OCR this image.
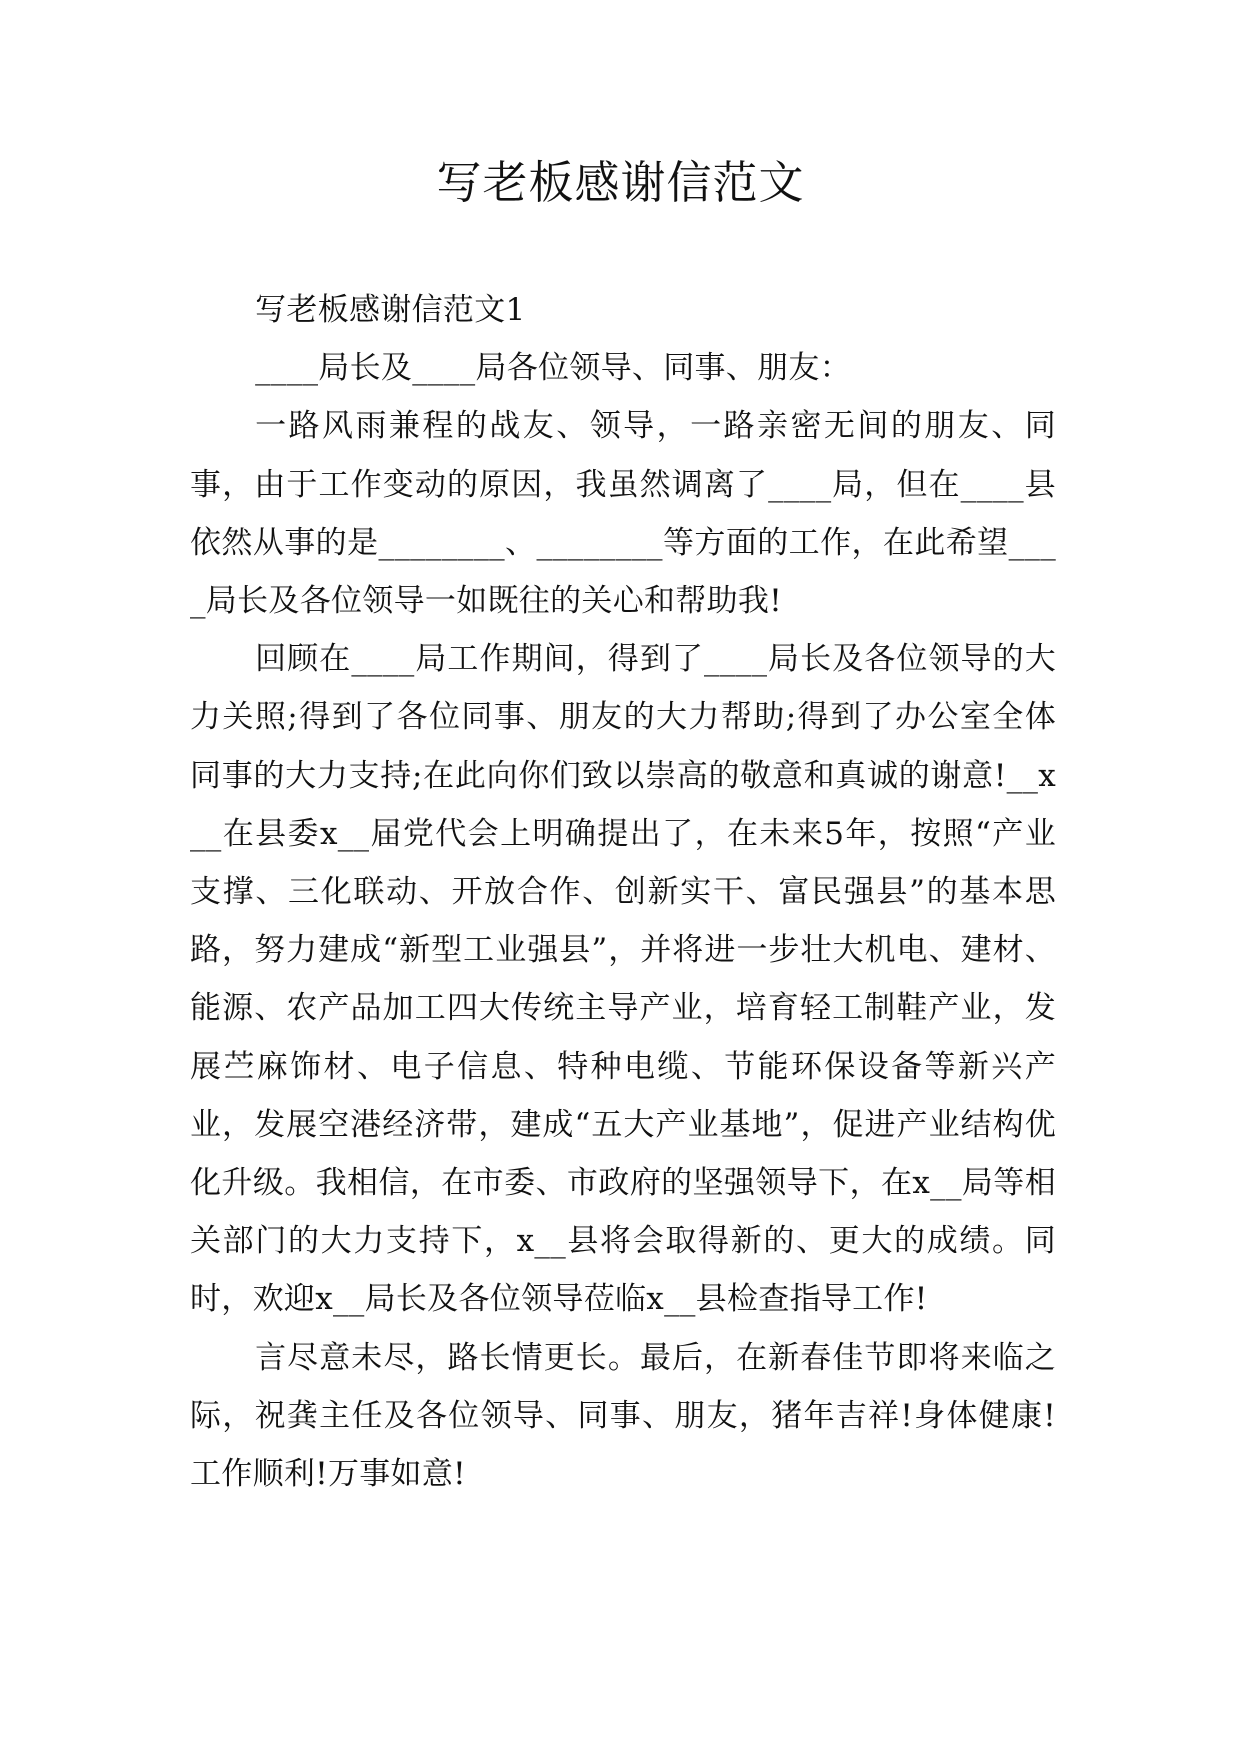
写老板感谢信范文

写老板感谢信范文1

____局长及____局各位领导、同事、朋友：

一路风雨兼程的战友、领导，一路亲密无间的朋友、同事，由于工作变动的原因，我虽然调离了____局，但在____县依然从事的是________、________等方面的工作，在此希望____局长及各位领导一如既往的关心和帮助我!

回顾在____局工作期间，得到了____局长及各位领导的大力关照;得到了各位同事、朋友的大力帮助;得到了办公室全体同事的大力支持;在此向你们致以崇高的敬意和真诚的谢意!__x__在县委x__届党代会上明确提出了，在未来5年，按照“产业支撑、三化联动、开放合作、创新实干、富民强县”的基本思路，努力建成“新型工业强县”，并将进一步壮大机电、建材、能源、农产品加工四大传统主导产业，培育轻工制鞋产业，发展苎麻饰材、电子信息、特种电缆、节能环保设备等新兴产业，发展空港经济带，建成“五大产业基地”，促进产业结构优化升级。我相信，在市委、市政府的坚强领导下，在x__局等相关部门的大力支持下，x__县将会取得新的、更大的成绩。同时，欢迎x__局长及各位领导莅临x__县检查指导工作!

言尽意未尽，路长情更长。最后，在新春佳节即将来临之际，祝龚主任及各位领导、同事、朋友，猪年吉祥!身体健康!工作顺利!万事如意!
